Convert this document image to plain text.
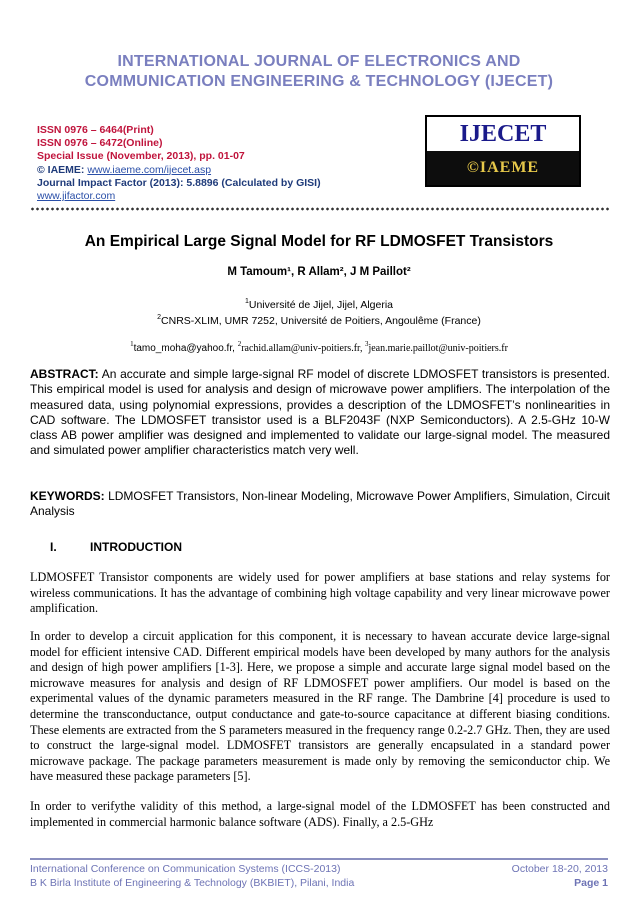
INTERNATIONAL JOURNAL OF ELECTRONICS AND
COMMUNICATION ENGINEERING & TECHNOLOGY (IJECET)
ISSN 0976 – 6464(Print)
ISSN 0976 – 6472(Online)
Special Issue (November, 2013), pp. 01-07
© IAEME: www.iaeme.com/ijecet.asp
Journal Impact Factor (2013): 5.8896 (Calculated by GISI)
www.jifactor.com
IJECET
©IAEME
An Empirical Large Signal Model for RF LDMOSFET Transistors
M Tamoum¹, R Allam², J M Paillot²
$^1$Université de Jijel, Jijel, Algeria
$^2$CNRS-XLIM, UMR 7252, Université de Poitiers, Angoulême (France)
$^1$tamo_moha@yahoo.fr, $^2$rachid.allam@univ-poitiers.fr, $^3$jean.marie.paillot@univ-poitiers.fr
ABSTRACT: An accurate and simple large-signal RF model of discrete LDMOSFET transistors is presented. This empirical model is used for analysis and design of microwave power amplifiers. The interpolation of the measured data, using polynomial expressions, provides a description of the LDMOSFET’s nonlinearities in CAD software. The LDMOSFET transistor used is a BLF2043F (NXP Semiconductors). A 2.5-GHz 10-W class AB power amplifier was designed and implemented to validate our large-signal model. The measured and simulated power amplifier characteristics match very well.
KEYWORDS: LDMOSFET Transistors, Non-linear Modeling, Microwave Power Amplifiers, Simulation, Circuit Analysis
I.	INTRODUCTION
LDMOSFET Transistor components are widely used for power amplifiers at base stations and relay systems for wireless communications. It has the advantage of combining high voltage capability and very linear microwave power amplification.
In order to develop a circuit application for this component, it is necessary to havean accurate device large-signal model for efficient intensive CAD. Different empirical models have been developed by many authors for the analysis and design of high power amplifiers [1-3]. Here, we propose a simple and accurate large signal model based on the microwave measures for analysis and design of RF LDMOSFET power amplifiers. Our model is based on the experimental values of the dynamic parameters measured in the RF range. The Dambrine [4] procedure is used to determine the transconductance, output conductance and gate-to-source capacitance at different biasing conditions. These elements are extracted from the S parameters measured in the frequency range 0.2-2.7 GHz. Then, they are used to construct the large-signal model. LDMOSFET transistors are generally encapsulated in a standard power microwave package. The package parameters measurement is made only by removing the semiconductor chip. We have measured these package parameters [5].
In order to verifythe validity of this method, a large-signal model of the LDMOSFET has been constructed and implemented in commercial harmonic balance software (ADS). Finally, a 2.5-GHz
International Conference on Communication Systems (ICCS-2013)
B K Birla Institute of Engineering & Technology (BKBIET), Pilani, India
October 18-20, 2013
Page 1
